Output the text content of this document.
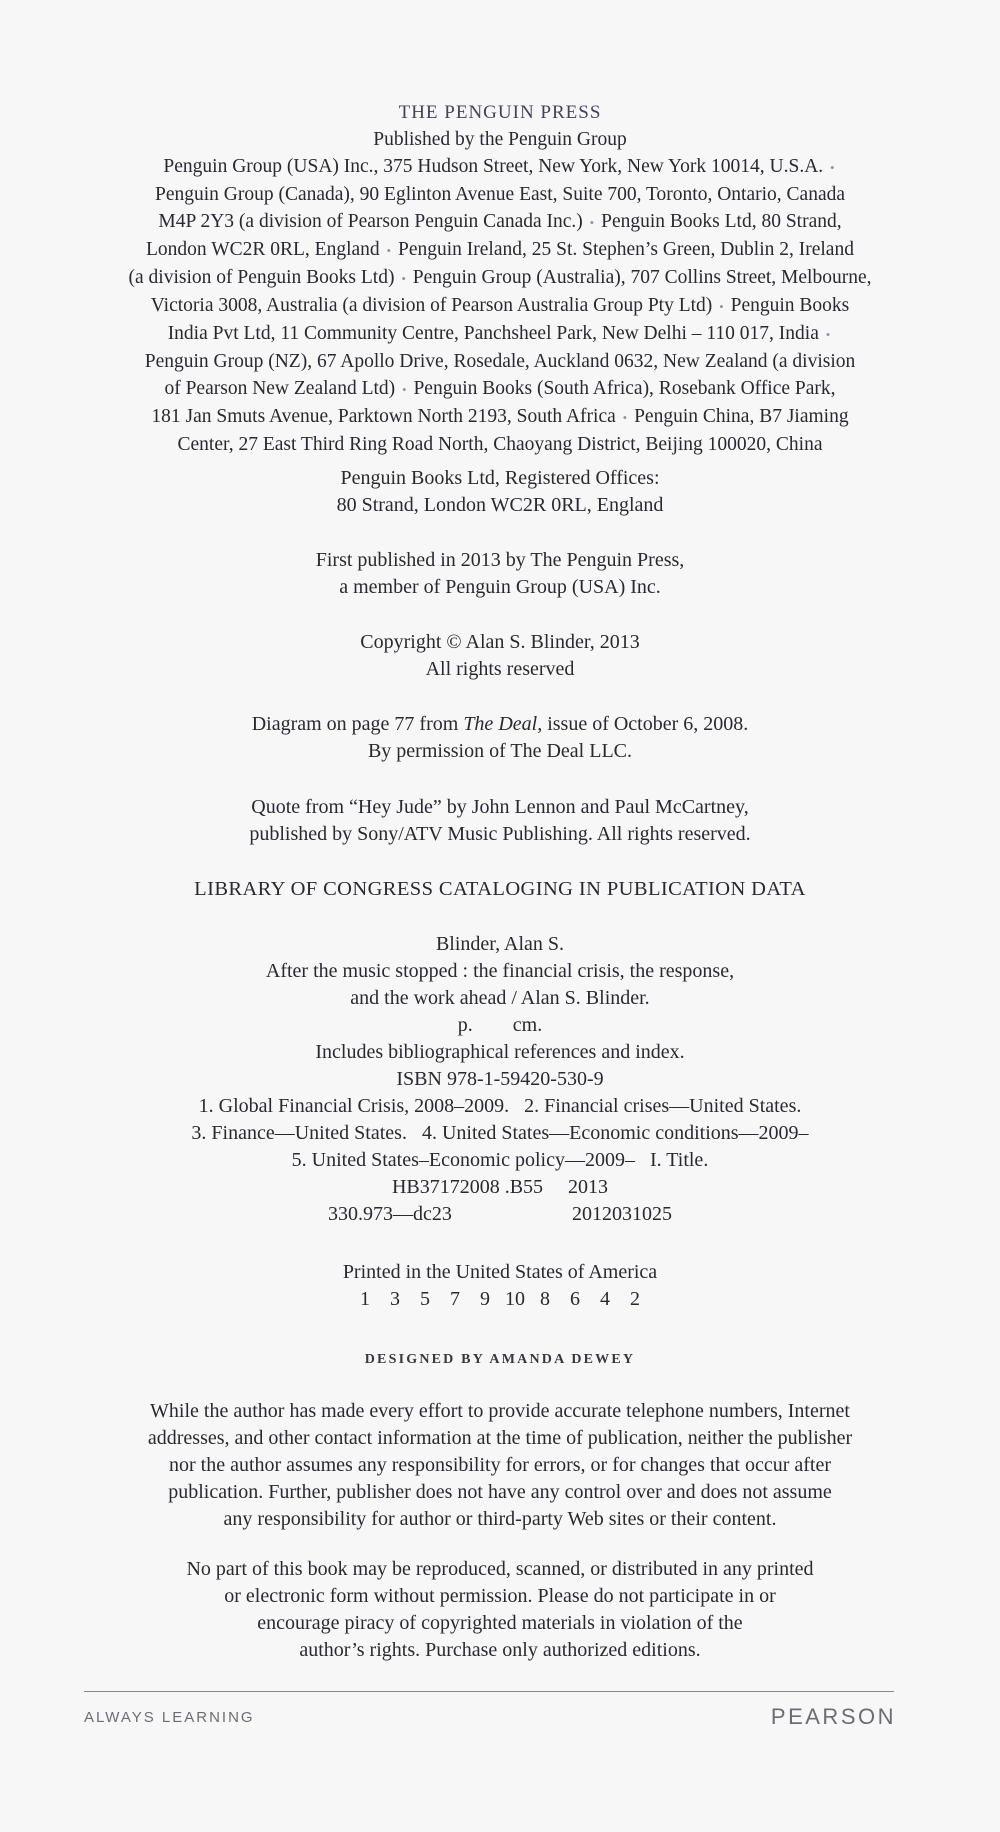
THE PENGUIN PRESS
Published by the Penguin Group
Penguin Group (USA) Inc., 375 Hudson Street, New York, New York 10014, U.S.A. •
Penguin Group (Canada), 90 Eglinton Avenue East, Suite 700, Toronto, Ontario, Canada
M4P 2Y3 (a division of Pearson Penguin Canada Inc.) • Penguin Books Ltd, 80 Strand,
London WC2R 0RL, England • Penguin Ireland, 25 St. Stephen’s Green, Dublin 2, Ireland
(a division of Penguin Books Ltd) • Penguin Group (Australia), 707 Collins Street, Melbourne,
Victoria 3008, Australia (a division of Pearson Australia Group Pty Ltd) • Penguin Books
India Pvt Ltd, 11 Community Centre, Panchsheel Park, New Delhi – 110 017, India •
Penguin Group (NZ), 67 Apollo Drive, Rosedale, Auckland 0632, New Zealand (a division
of Pearson New Zealand Ltd) • Penguin Books (South Africa), Rosebank Office Park,
181 Jan Smuts Avenue, Parktown North 2193, South Africa • Penguin China, B7 Jiaming
Center, 27 East Third Ring Road North, Chaoyang District, Beijing 100020, China
Penguin Books Ltd, Registered Offices:
80 Strand, London WC2R 0RL, England
First published in 2013 by The Penguin Press,
a member of Penguin Group (USA) Inc.
Copyright © Alan S. Blinder, 2013
All rights reserved
Diagram on page 77 from The Deal, issue of October 6, 2008.
By permission of The Deal LLC.
Quote from “Hey Jude” by John Lennon and Paul McCartney,
published by Sony/ATV Music Publishing. All rights reserved.
LIBRARY OF CONGRESS CATALOGING IN PUBLICATION DATA
Blinder, Alan S.
After the music stopped : the financial crisis, the response,
and the work ahead / Alan S. Blinder.
p. cm.
Includes bibliographical references and index.
ISBN 978-1-59420-530-9
1. Global Financial Crisis, 2008–2009.   2. Financial crises—United States.
3. Finance—United States.   4. United States—Economic conditions—2009–
5. United States–Economic policy—2009–   I. Title.
HB37172008 .B55     2013
330.973—dc23	2012031025
Printed in the United States of America
1 3 5 7 9 10 8 6 4 2
DESIGNED BY AMANDA DEWEY
While the author has made every effort to provide accurate telephone numbers, Internet
addresses, and other contact information at the time of publication, neither the publisher
nor the author assumes any responsibility for errors, or for changes that occur after
publication. Further, publisher does not have any control over and does not assume
any responsibility for author or third-party Web sites or their content.
No part of this book may be reproduced, scanned, or distributed in any printed
or electronic form without permission. Please do not participate in or
encourage piracy of copyrighted materials in violation of the
author’s rights. Purchase only authorized editions.
ALWAYS LEARNING	PEARSON
